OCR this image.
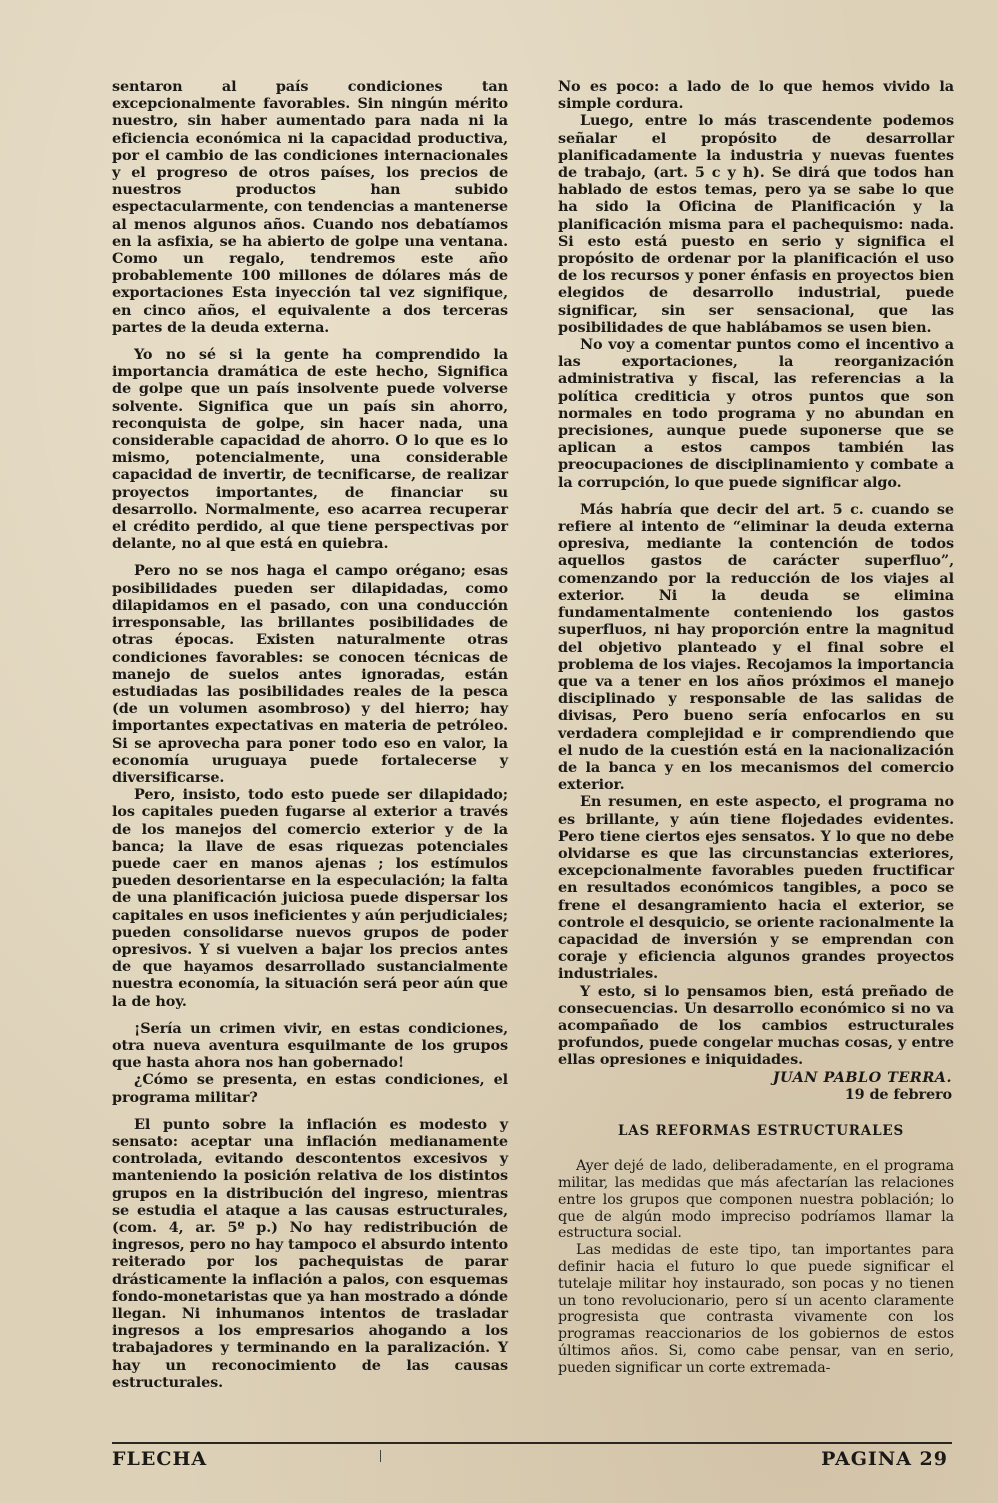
sentaron al país condiciones tan excepcionalmente favorables. Sin ningún mérito nuestro, sin haber aumentado para nada ni la eficiencia económica ni la capacidad productiva, por el cambio de las condiciones internacionales y el progreso de otros países, los precios de nuestros productos han subido espectacularmente, con tendencias a mantenerse al menos algunos años. Cuando nos debatíamos en la asfixia, se ha abierto de golpe una ventana. Como un regalo, tendremos este año probablemente 100 millones de dólares más de exportaciones Esta inyección tal vez signifique, en cinco años, el equivalente a dos terceras partes de la deuda externa.

Yo no sé si la gente ha comprendido la importancia dramática de este hecho, Significa de golpe que un país insolvente puede volverse solvente. Significa que un país sin ahorro, reconquista de golpe, sin hacer nada, una considerable capacidad de ahorro. O lo que es lo mismo, potencialmente, una considerable capacidad de invertir, de tecnificarse, de realizar proyectos importantes, de financiar su desarrollo. Normalmente, eso acarrea recuperar el crédito perdido, al que tiene perspectivas por delante, no al que está en quiebra.

Pero no se nos haga el campo orégano; esas posibilidades pueden ser dilapidadas, como dilapidamos en el pasado, con una conducción irresponsable, las brillantes posibilidades de otras épocas. Existen naturalmente otras condiciones favorables: se conocen técnicas de manejo de suelos antes ignoradas, están estudiadas las posibilidades reales de la pesca (de un volumen asombroso) y del hierro; hay importantes expectativas en materia de petróleo. Si se aprovecha para poner todo eso en valor, la economía uruguaya puede fortalecerse y diversificarse.

Pero, insisto, todo esto puede ser dilapidado; los capitales pueden fugarse al exterior a través de los manejos del comercio exterior y de la banca; la llave de esas riquezas potenciales puede caer en manos ajenas ; los estímulos pueden desorientarse en la especulación; la falta de una planificación juiciosa puede dispersar los capitales en usos ineficientes y aún perjudiciales; pueden consolidarse nuevos grupos de poder opresivos. Y si vuelven a bajar los precios antes de que hayamos desarrollado sustancialmente nuestra economía, la situación será peor aún que la de hoy.

¡Sería un crimen vivir, en estas condiciones, otra nueva aventura esquilmante de los grupos que hasta ahora nos han gobernado!

¿Cómo se presenta, en estas condiciones, el programa militar?

El punto sobre la inflación es modesto y sensato: aceptar una inflación medianamente controlada, evitando descontentos excesivos y manteniendo la posición relativa de los distintos grupos en la distribución del ingreso, mientras se estudia el ataque a las causas estructurales, (com. 4, ar. 5º p.) No hay redistribución de ingresos, pero no hay tampoco el absurdo intento reiterado por los pachequistas de parar drásticamente la inflación a palos, con esquemas fondo-monetaristas que ya han mostrado a dónde llegan. Ni inhumanos intentos de trasladar ingresos a los empresarios ahogando a los trabajadores y terminando en la paralización. Y hay un reconocimiento de las causas estructurales.

No es poco: a lado de lo que hemos vivido la simple cordura.

Luego, entre lo más trascendente podemos señalar el propósito de desarrollar planificadamente la industria y nuevas fuentes de trabajo, (art. 5 c y h). Se dirá que todos han hablado de estos temas, pero ya se sabe lo que ha sido la Oficina de Planificación y la planificación misma para el pachequismo: nada. Si esto está puesto en serio y significa el propósito de ordenar por la planificación el uso de los recursos y poner énfasis en proyectos bien elegidos de desarrollo industrial, puede significar, sin ser sensacional, que las posibilidades de que hablábamos se usen bien.

No voy a comentar puntos como el incentivo a las exportaciones, la reorganización administrativa y fiscal, las referencias a la política crediticia y otros puntos que son normales en todo programa y no abundan en precisiones, aunque puede suponerse que se aplican a estos campos también las preocupaciones de disciplinamiento y combate a la corrupción, lo que puede significar algo.

Más habría que decir del art. 5 c. cuando se refiere al intento de “eliminar la deuda externa opresiva, mediante la contención de todos aquellos gastos de carácter superfluo”, comenzando por la reducción de los viajes al exterior. Ni la deuda se elimina fundamentalmente conteniendo los gastos superfluos, ni hay proporción entre la magnitud del objetivo planteado y el final sobre el problema de los viajes. Recojamos la importancia que va a tener en los años próximos el manejo disciplinado y responsable de las salidas de divisas, Pero bueno sería enfocarlos en su verdadera complejidad e ir comprendiendo que el nudo de la cuestión está en la nacionalización de la banca y en los mecanismos del comercio exterior.

En resumen, en este aspecto, el programa no es brillante, y aún tiene flojedades evidentes. Pero tiene ciertos ejes sensatos. Y lo que no debe olvidarse es que las circunstancias exteriores, excepcionalmente favorables pueden fructificar en resultados económicos tangibles, a poco se frene el desangramiento hacia el exterior, se controle el desquicio, se oriente racionalmente la capacidad de inversión y se emprendan con coraje y eficiencia algunos grandes proyectos industriales.

Y esto, si lo pensamos bien, está preñado de consecuencias. Un desarrollo económico si no va acompañado de los cambios estructurales profundos, puede congelar muchas cosas, y entre ellas opresiones e iniquidades.

JUAN PABLO TERRA.
19 de febrero
LAS REFORMAS ESTRUCTURALES

Ayer dejé de lado, deliberadamente, en el programa militar, las medidas que más afectarían las relaciones entre los grupos que componen nuestra población; lo que de algún modo impreciso podríamos llamar la estructura social.

Las medidas de este tipo, tan importantes para definir hacia el futuro lo que puede significar el tutelaje militar hoy instaurado, son pocas y no tienen un tono revolucionario, pero sí un acento claramente progresista que contrasta vivamente con los programas reaccionarios de los gobiernos de estos últimos años. Si, como cabe pensar, van en serio, pueden significar un corte extremada-

FLECHA	PAGINA 29
